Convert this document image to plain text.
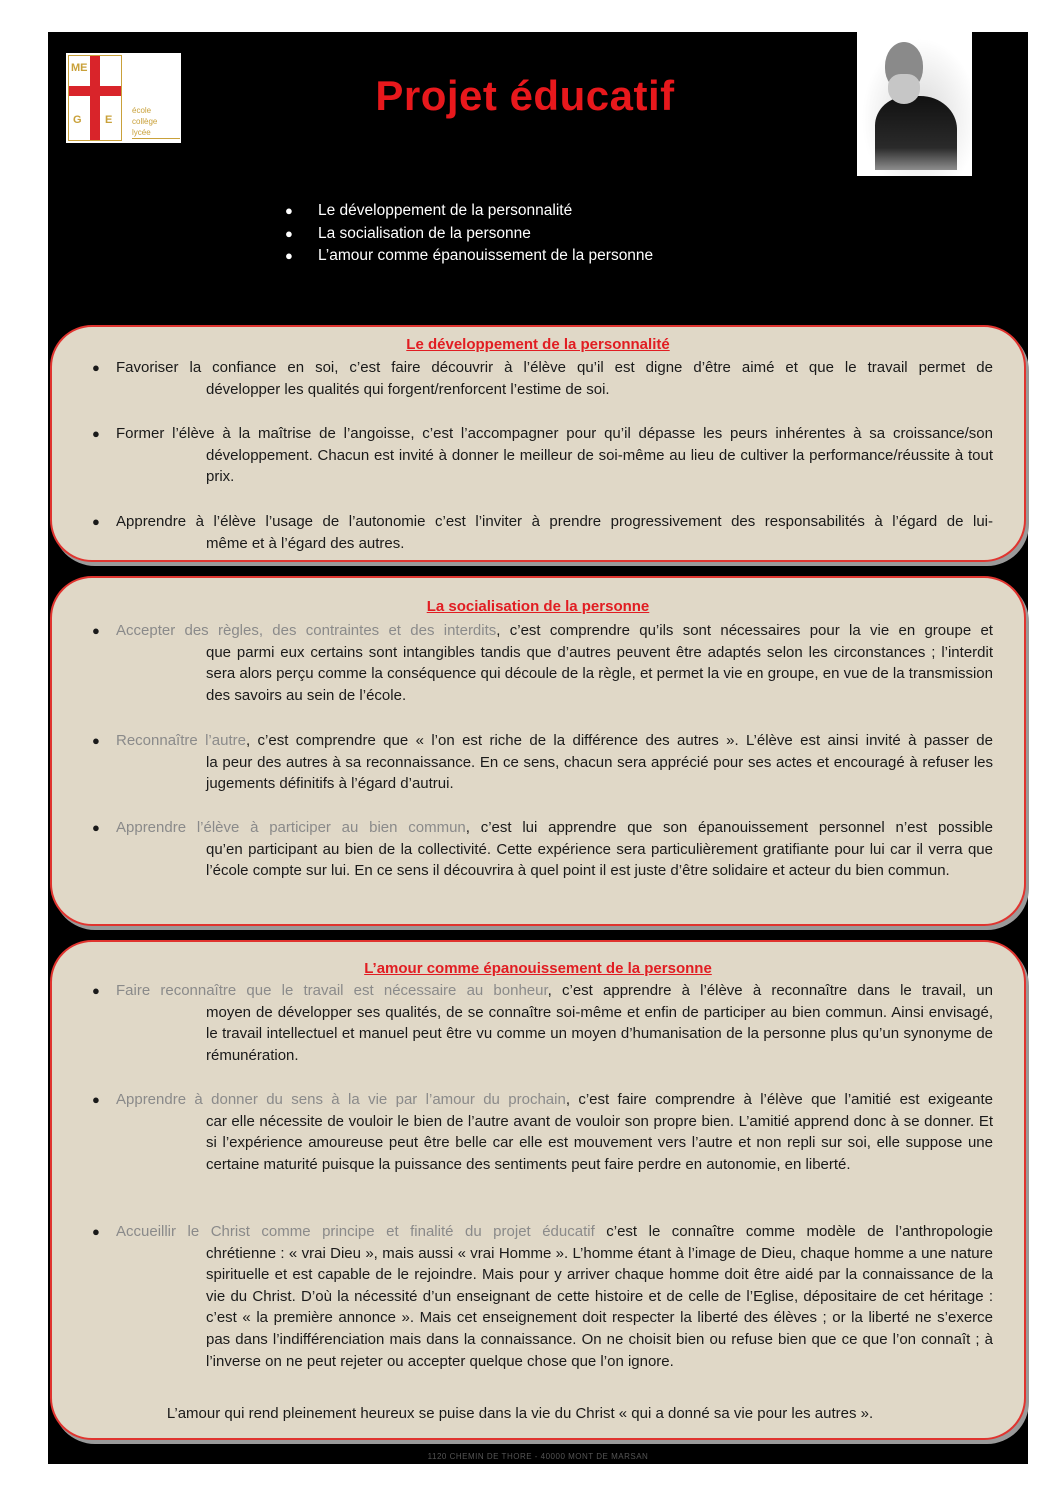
ME
G E
école
collège
lycée
Projet éducatif
● Le développement de la personnalité
● La socialisation de la personne
● L’amour comme épanouissement de la personne
Le développement de la personnalité
● Favoriser la confiance en soi, c’est faire découvrir à l’élève qu’il est digne d’être aimé et que le travail permet de
développer les qualités qui forgent/renforcent l’estime de soi.
● Former l’élève à la maîtrise de l’angoisse, c’est l’accompagner pour qu’il dépasse les peurs inhérentes à sa croissance/son
développement. Chacun est invité à donner le meilleur de soi-même au lieu de cultiver la performance/réussite à tout prix.
● Apprendre à l’élève l’usage de l’autonomie c’est l’inviter à prendre progressivement des responsabilités à l’égard de lui-
même et à l’égard des autres.
La socialisation de la personne
● Accepter des règles, des contraintes et des interdits, c’est comprendre qu’ils sont nécessaires pour la vie en groupe et
que parmi eux certains sont intangibles tandis que d’autres peuvent être adaptés selon les circonstances ; l’interdit sera alors perçu comme la conséquence qui découle de la règle, et permet la vie en groupe, en vue de la transmission des savoirs au sein de l’école.
● Reconnaître l’autre, c’est comprendre que « l’on est riche de la différence des autres ». L’élève est ainsi invité à passer de
la peur des autres à sa reconnaissance. En ce sens, chacun sera apprécié pour ses actes et encouragé à refuser les jugements définitifs à l’égard d’autrui.
● Apprendre l’élève à participer au bien commun, c’est lui apprendre que son épanouissement personnel n’est possible
qu’en participant au bien de la collectivité. Cette expérience sera particulièrement gratifiante pour lui car il verra que l’école compte sur lui. En ce sens il découvrira à quel point il est juste d’être solidaire et acteur du bien commun.
L’amour comme épanouissement de la personne
● Faire reconnaître que le travail est nécessaire au bonheur, c’est apprendre à l’élève à reconnaître dans le travail, un
moyen de développer ses qualités, de se connaître soi-même et enfin de participer au bien commun. Ainsi envisagé, le travail intellectuel et manuel peut être vu comme un moyen d’humanisation de la personne plus qu’un synonyme de rémunération.
● Apprendre à donner du sens à la vie par l’amour du prochain, c’est faire comprendre à l’élève que l’amitié est exigeante
car elle nécessite de vouloir le bien de l’autre avant de vouloir son propre bien. L’amitié apprend donc à se donner. Et si l’expérience amoureuse peut être belle car elle est mouvement vers l’autre et non repli sur soi, elle suppose une certaine maturité puisque la puissance des sentiments peut faire perdre en autonomie, en liberté.
● Accueillir le Christ comme principe et finalité du projet éducatif c’est le connaître comme modèle de l’anthropologie
chrétienne : « vrai Dieu », mais aussi « vrai Homme ». L’homme étant à l’image de Dieu, chaque homme a une nature spirituelle et est capable de le rejoindre. Mais pour y arriver chaque homme doit être aidé par la connaissance de la vie du Christ. D’où la nécessité d’un enseignant de cette histoire et de celle de l’Eglise, dépositaire de cet héritage : c’est « la première annonce ». Mais cet enseignement doit respecter la liberté des élèves ; or la liberté ne s’exerce pas dans l’indifférenciation mais dans la connaissance. On ne choisit bien ou refuse bien que ce que l’on connaît ; à l’inverse on ne peut rejeter ou accepter quelque chose que l’on ignore.
L’amour qui rend pleinement heureux se puise dans la vie du Christ « qui a donné sa vie pour les autres ».
1120 CHEMIN DE THORE - 40000 MONT DE MARSAN
